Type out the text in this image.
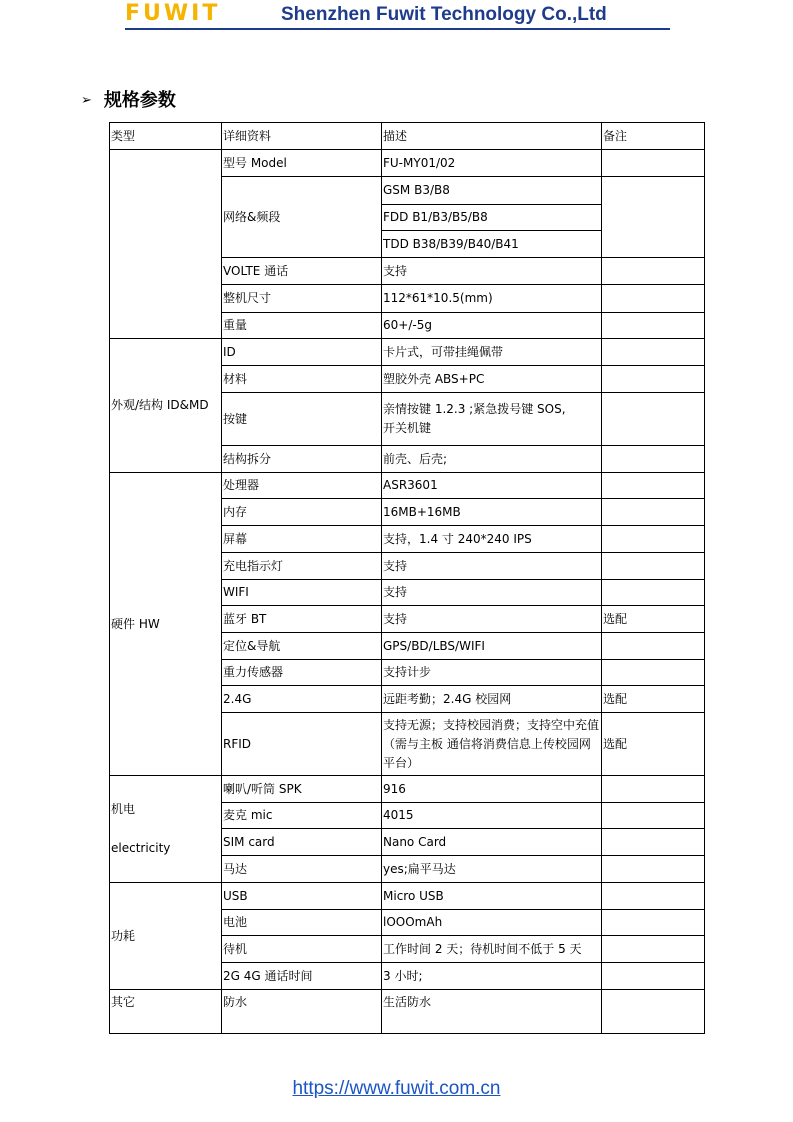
FUWIT	Shenzhen Fuwit Technology Co.,Ltd
➢ 规格参数
类型	详细资料	描述	备注
	型号 Model	FU-MY01/02	
	网络&频段	GSM B3/B8	
		FDD B1/B3/B5/B8	
		TDD B38/B39/B40/B41	
	VOLTE 通话	支持	
	整机尺寸	112*61*10.5(mm)	
	重量	60+/-5g	
外观/结构 ID&MD	ID	卡片式，可带挂绳佩带	
	材料	塑胶外壳 ABS+PC	
	按键	亲情按键 1.2.3 ;紧急拨号键 SOS,
开关机键	

	结构拆分	前壳、后壳;	
硬件 HW	处理器	ASR3601	
	内存	16MB+16MB	
	屏幕	支持，1.4 寸 240*240 IPS	
	充电指示灯	支持	
	WIFI	支持	
	蓝牙 BT	支持	选配
	定位&导航	GPS/BD/LBS/WIFI	
	重力传感器	支持计步	
	2.4G	远距考勤；2.4G 校园网	选配
	RFID	支持无源；支持校园消费；支持空中充值
（需与主板 通信将消费信息上传校园网
平台）	选配

机电
electricity	喇叭/听筒 SPK	916	
	麦克 mic	4015	
	SIM card	Nano Card	
	马达	yes;扁平马达	
功耗	USB	Micro USB	
	电池	lOOOmAh	
	待机	工作时间 2 天；待机时间不低于 5 天	
	2G 4G 通话时间	3 小时;	
其它	防水	生活防水	
https://www.fuwit.com.cn
